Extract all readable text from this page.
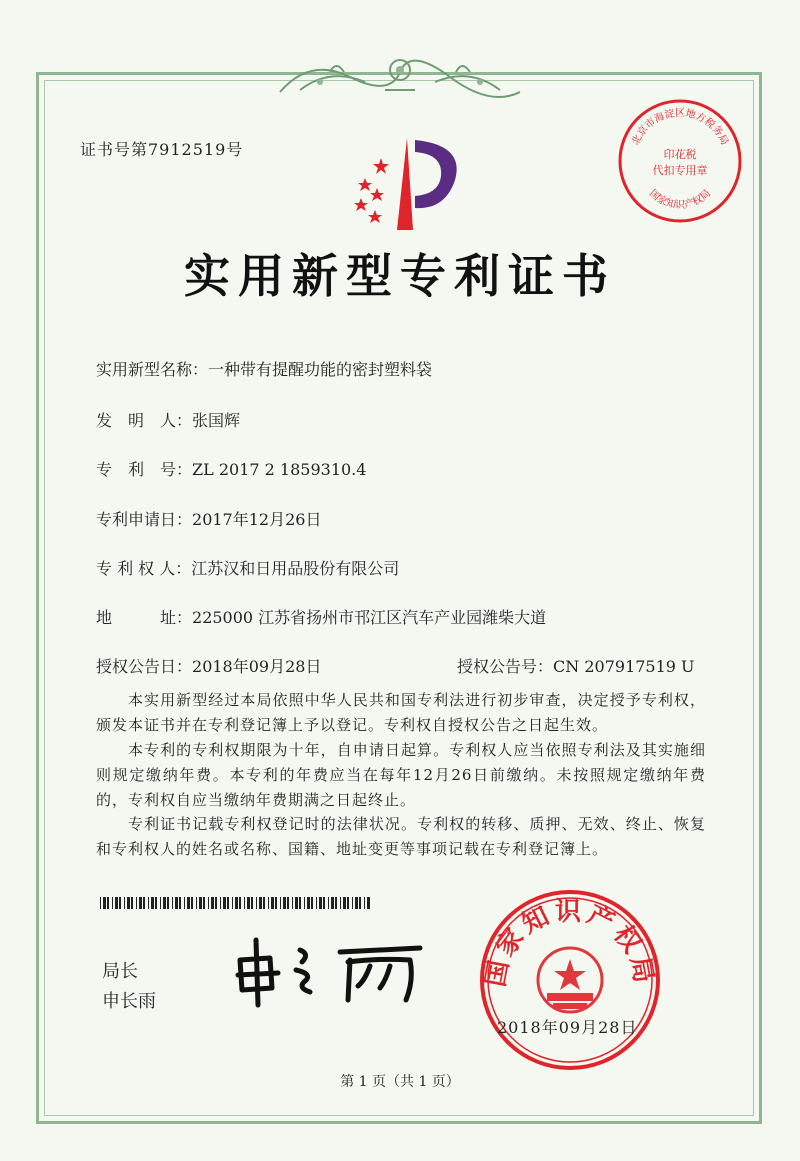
证书号第7912519号	北京市海淀区地方税务局
印花税
代扣专用章
国家知识产权局
实用新型专利证书
实用新型名称：一种带有提醒功能的密封塑料袋
发　明　人：张国辉
专　利　号：ZL 2017 2 1859310.4
专利申请日：2017年12月26日
专 利 权 人：江苏汉和日用品股份有限公司
地　　　址：225000 江苏省扬州市邗江区汽车产业园潍柴大道
授权公告日：2018年09月28日	授权公告号：CN 207917519 U
本实用新型经过本局依照中华人民共和国专利法进行初步审查，决定授予专利权，颁发本证书并在专利登记簿上予以登记。专利权自授权公告之日起生效。
本专利的专利权期限为十年，自申请日起算。专利权人应当依照专利法及其实施细则规定缴纳年费。本专利的年费应当在每年12月26日前缴纳。未按照规定缴纳年费的，专利权自应当缴纳年费期满之日起终止。
专利证书记载专利权登记时的法律状况。专利权的转移、质押、无效、终止、恢复和专利权人的姓名或名称、国籍、地址变更等事项记载在专利登记簿上。
局长
申长雨
国家知识产权局
2018年09月28日
第 1 页（共 1 页）
